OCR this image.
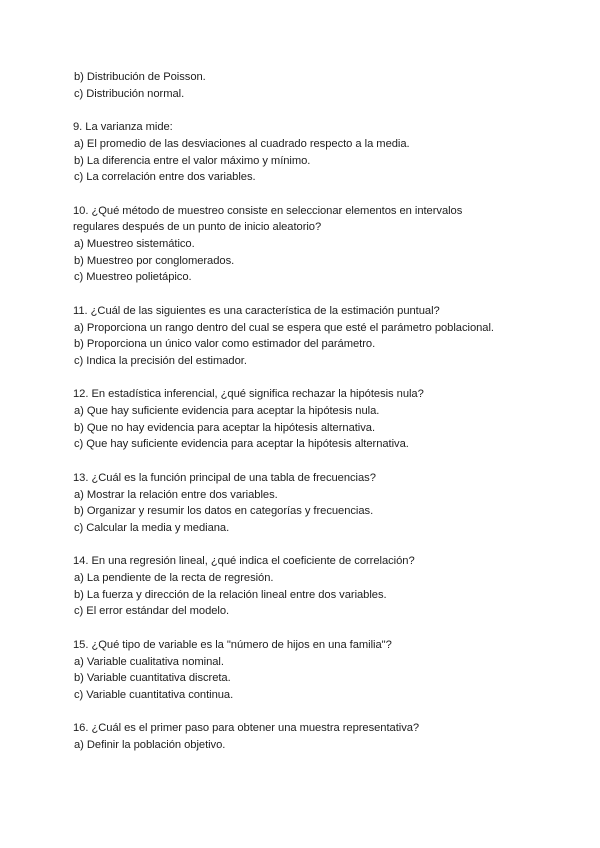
b) Distribución de Poisson.
c) Distribución normal.
9. La varianza mide:
a) El promedio de las desviaciones al cuadrado respecto a la media.
b) La diferencia entre el valor máximo y mínimo.
c) La correlación entre dos variables.
10. ¿Qué método de muestreo consiste en seleccionar elementos en intervalos
regulares después de un punto de inicio aleatorio?
a) Muestreo sistemático.
b) Muestreo por conglomerados.
c) Muestreo polietápico.
11. ¿Cuál de las siguientes es una característica de la estimación puntual?
a) Proporciona un rango dentro del cual se espera que esté el parámetro poblacional.
b) Proporciona un único valor como estimador del parámetro.
c) Indica la precisión del estimador.
12. En estadística inferencial, ¿qué significa rechazar la hipótesis nula?
a) Que hay suficiente evidencia para aceptar la hipótesis nula.
b) Que no hay evidencia para aceptar la hipótesis alternativa.
c) Que hay suficiente evidencia para aceptar la hipótesis alternativa.
13. ¿Cuál es la función principal de una tabla de frecuencias?
a) Mostrar la relación entre dos variables.
b) Organizar y resumir los datos en categorías y frecuencias.
c) Calcular la media y mediana.
14. En una regresión lineal, ¿qué indica el coeficiente de correlación?
a) La pendiente de la recta de regresión.
b) La fuerza y dirección de la relación lineal entre dos variables.
c) El error estándar del modelo.
15. ¿Qué tipo de variable es la "número de hijos en una familia"?
a) Variable cualitativa nominal.
b) Variable cuantitativa discreta.
c) Variable cuantitativa continua.
16. ¿Cuál es el primer paso para obtener una muestra representativa?
a) Definir la población objetivo.
